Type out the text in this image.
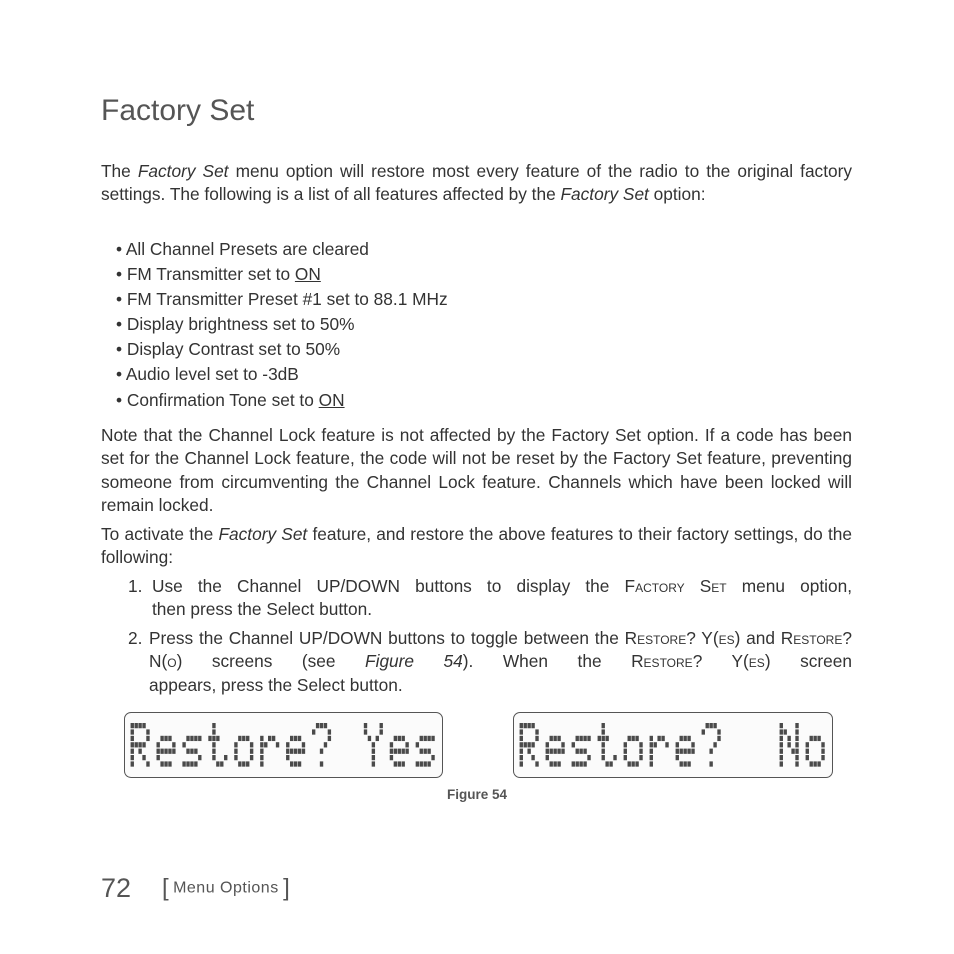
Factory Set

The Factory Set menu option will restore most every feature of the radio to the original factory settings. The following is a list of all features affected by the Factory Set option:

• All Channel Presets are cleared
• FM Transmitter set to ON
• FM Transmitter Preset #1 set to 88.1 MHz
• Display brightness set to 50%
• Display Contrast set to 50%
• Audio level set to -3dB
• Confirmation Tone set to ON

Note that the Channel Lock feature is not affected by the Factory Set option. If a code has been set for the Channel Lock feature, the code will not be reset by the Factory Set feature, preventing someone from circumventing the Channel Lock feature. Channels which have been locked will remain locked.

To activate the Factory Set feature, and restore the above features to their factory settings, do the following:

1. Use the Channel UP/DOWN buttons to display the Factory Set menu option,
then press the Select button.
2. Press the Channel UP/DOWN buttons to toggle between the Restore? Y(es) and Restore? N(o) screens (see Figure 54). When the Restore? Y(es) screen
appears, press the Select button.
Figure 54
72 [ Menu Options ]
